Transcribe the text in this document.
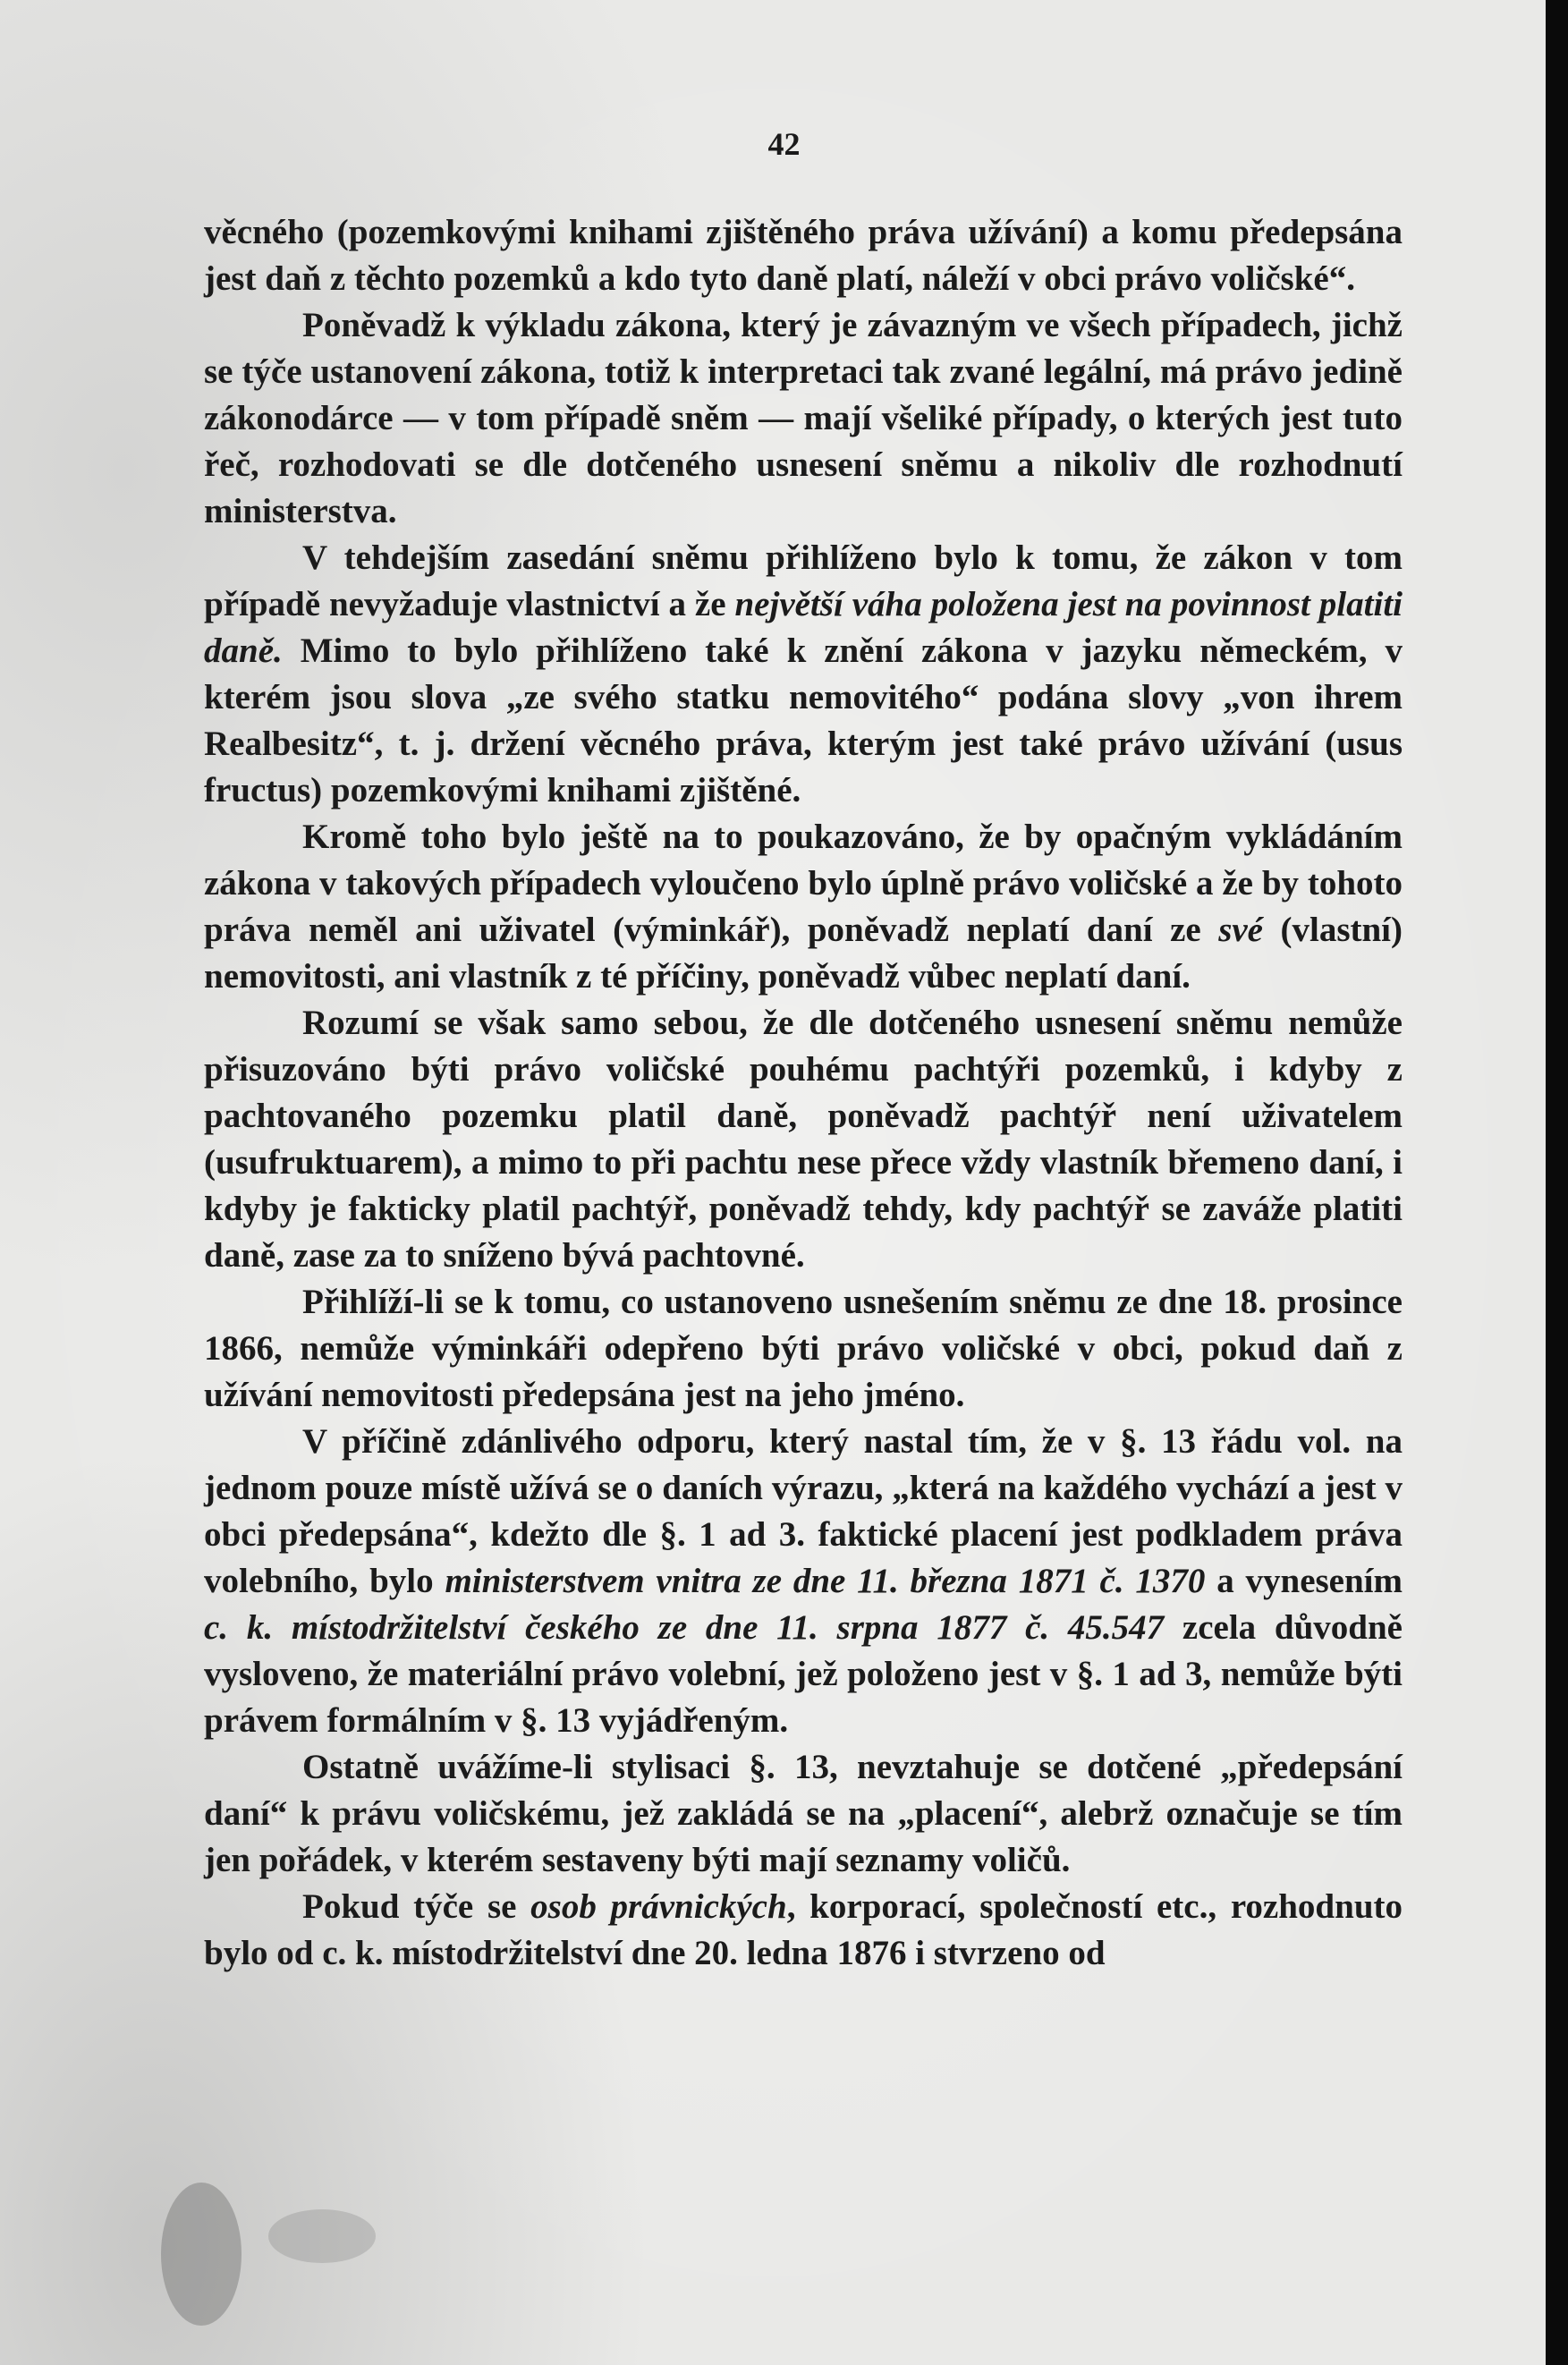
42

věcného (pozemkovými knihami zjištěného práva užívání) a komu předepsána jest daň z těchto pozemků a kdo tyto daně platí, náleží v obci právo voličské“.

Poněvadž k výkladu zákona, který je závazným ve všech případech, jichž se týče ustanovení zákona, totiž k interpretaci tak zvané legální, má právo jedině zákonodárce — v tom případě sněm — mají všeliké případy, o kterých jest tuto řeč, rozhodovati se dle dotčeného usnesení sněmu a nikoliv dle rozhodnutí ministerstva.

V tehdejším zasedání sněmu přihlíženo bylo k tomu, že zákon v tom případě nevyžaduje vlastnictví a že největší váha položena jest na povinnost platiti daně. Mimo to bylo přihlíženo také k znění zákona v jazyku německém, v kterém jsou slova „ze svého statku nemovitého“ podána slovy „von ihrem Realbesitz“, t. j. držení věcného práva, kterým jest také právo užívání (usus fructus) pozemkovými knihami zjištěné.

Kromě toho bylo ještě na to poukazováno, že by opačným vykládáním zákona v takových případech vyloučeno bylo úplně právo voličské a že by tohoto práva neměl ani uživatel (výminkář), poněvadž neplatí daní ze své (vlastní) nemovitosti, ani vlastník z té příčiny, poněvadž vůbec neplatí daní.

Rozumí se však samo sebou, že dle dotčeného usnesení sněmu nemůže přisuzováno býti právo voličské pouhému pachtýři pozemků, i kdyby z pachtovaného pozemku platil daně, poněvadž pachtýř není uživatelem (usufruktuarem), a mimo to při pachtu nese přece vždy vlastník břemeno daní, i kdyby je fakticky platil pachtýř, poněvadž tehdy, kdy pachtýř se zaváže platiti daně, zase za to sníženo bývá pachtovné.

Přihlíží-li se k tomu, co ustanoveno usnešením sněmu ze dne 18. prosince 1866, nemůže výminkáři odepřeno býti právo voličské v obci, pokud daň z užívání nemovitosti předepsána jest na jeho jméno.

V příčině zdánlivého odporu, který nastal tím, že v §. 13 řádu vol. na jednom pouze místě užívá se o daních výrazu, „která na každého vychází a jest v obci předepsána“, kdežto dle §. 1 ad 3. faktické placení jest podkladem práva volebního, bylo ministerstvem vnitra ze dne 11. března 1871 č. 1370 a vynesením c. k. místodržitelství českého ze dne 11. srpna 1877 č. 45.547 zcela důvodně vysloveno, že materiální právo volební, jež položeno jest v §. 1 ad 3, nemůže býti právem formálním v §. 13 vyjádřeným.

Ostatně uvážíme-li stylisaci §. 13, nevztahuje se dotčené „předepsání daní“ k právu voličskému, jež zakládá se na „placení“, alebrž označuje se tím jen pořádek, v kterém sestaveny býti mají seznamy voličů.

Pokud týče se osob právnických, korporací, společností etc., rozhodnuto bylo od c. k. místodržitelství dne 20. ledna 1876 i stvrzeno od
